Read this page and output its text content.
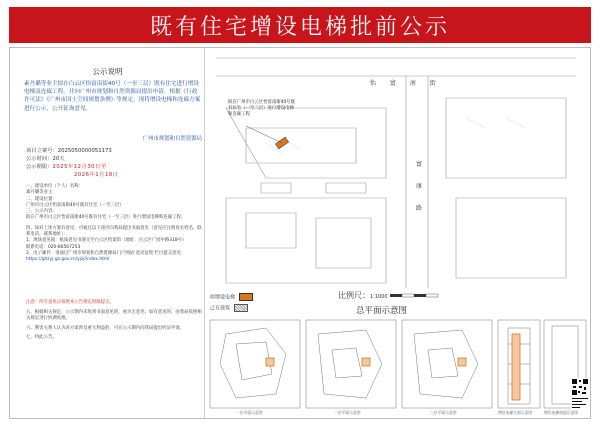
既有住宅增设电梯批前公示
公示说明
素丹璐等业主拟在白云区怡富南街40号（一至三层）既有住宅进行增设电梯及连廊工程，并向广州市规划和自然资源局提出申请。根据《行政许可法》《广州市国土空间规划条例》等规定，现将增设电梯和连廊方案进行公示，公开征询意见。
广州市规划和自然资源局
项目立案号：2025050000051173
公示时间：20天
公示期限：2025年12月30日至
2026年1月18日
一、建设单位（个人）名称：
素丹璐等业主
二、建设位置：
广州市白云区怡富南街40号既有住宅（一至三层）
三、公示内容：
拟在广州市白云区怡富南街40号既有住宅（一至三层）进行增设电梯和连廊工程。
四、如对上述方案有意见，可通过以下途径向我局提出书面意见（意见应注明真实姓名、联系电话、联系地址）：
1、现场意见箱：纸质意见书递交至白云区档案馆（地址：白云区广园中路318号）
联系电话：020-86567253
2、电子邮件：请通过广州市规划和自然资源局门户网站‘意见征集’栏目提交意见
https://ghzyj.gz.gov.cn/yjzj/index.html
注意：所有意见应按照本公告规定时限提交。
五、根据相关规定，公示期内未收到书面意见的，视为无意见；如有意见的，由我局依照相关规定进行协调处理。
六、利害关系人认为该方案涉及重大利益的，可在公示期内向我局提出听证申请。
七、特此公告。
怡 富 南 街
富 康 路
拟在广州市白云区怡富南街40号既有住宅（一至三层）进行增设电梯和连廊工程
拟增设电梯
已有建筑
比例尺：1:1000
总平面示意图
一层平面示意图	二层平面示意图	三层平面示意图	增设电梯立面示意图	增设电梯剖面示意图
